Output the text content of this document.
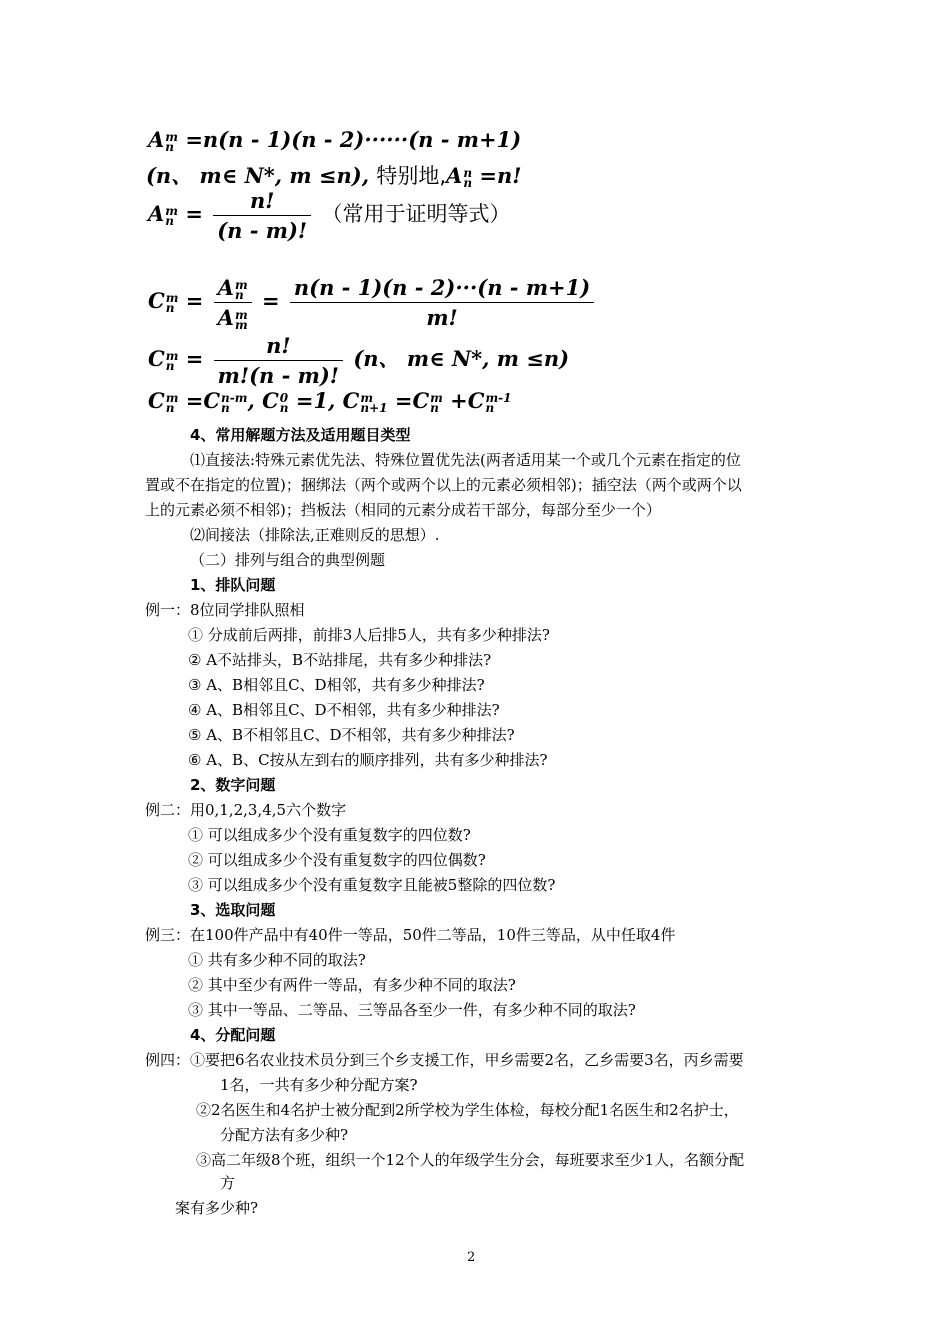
A m
n =n(n - 1)(n - 2)······(n - m+1)
(n、 m∈ N*, m ≤n), 特别地,A n
n =n!
A m
$n = \frac{n!}{(n - m)!}$ （常用于证明等式）
C m
n = A m
n
A m
$m = \frac{n(n - 1)(n - 2)\cdot\cdot\cdot(n - m+1)}{m!}$
C m
$n = \frac{n!}{m!(n - m)!} (n$、 m∈ N*, m ≤n)
C m
n =C n-m
n , C 0
n =1, C m
n+1 =C m
n +C m-1
n
4、常用解题方法及适用题目类型
⑴直接法:特殊元素优先法、特殊位置优先法(两者适用某一个或几个元素在指定的位
置或不在指定的位置)；捆绑法（两个或两个以上的元素必须相邻)；插空法（两个或两个以
上的元素必须不相邻)；挡板法（相同的元素分成若干部分，每部分至少一个）
⑵间接法（排除法,正难则反的思想）.
（二）排列与组合的典型例题
1、排队问题
例一：8位同学排队照相
① 分成前后两排，前排3人后排5人，共有多少种排法?
② A不站排头，B不站排尾，共有多少种排法?
③ A、B相邻且C、D相邻，共有多少种排法?
④ A、B相邻且C、D不相邻，共有多少种排法?
⑤ A、B不相邻且C、D不相邻，共有多少种排法?
⑥ A、B、C按从左到右的顺序排列，共有多少种排法?
2、数字问题
例二：用0,1,2,3,4,5六个数字
① 可以组成多少个没有重复数字的四位数?
② 可以组成多少个没有重复数字的四位偶数?
③ 可以组成多少个没有重复数字且能被5整除的四位数?
3、选取问题
例三：在100件产品中有40件一等品，50件二等品，10件三等品，从中任取4件
① 共有多少种不同的取法?
② 其中至少有两件一等品，有多少种不同的取法?
③ 其中一等品、二等品、三等品各至少一件，有多少种不同的取法?
4、分配问题
例四：①要把6名农业技术员分到三个乡支援工作，甲乡需要2名，乙乡需要3名，丙乡需要
1名，一共有多少种分配方案?
②2名医生和4名护士被分配到2所学校为学生体检，每校分配1名医生和2名护士，
分配方法有多少种?
③高二年级8个班，组织一个12个人的年级学生分会，每班要求至少1人，名额分配
方
案有多少种?
2
